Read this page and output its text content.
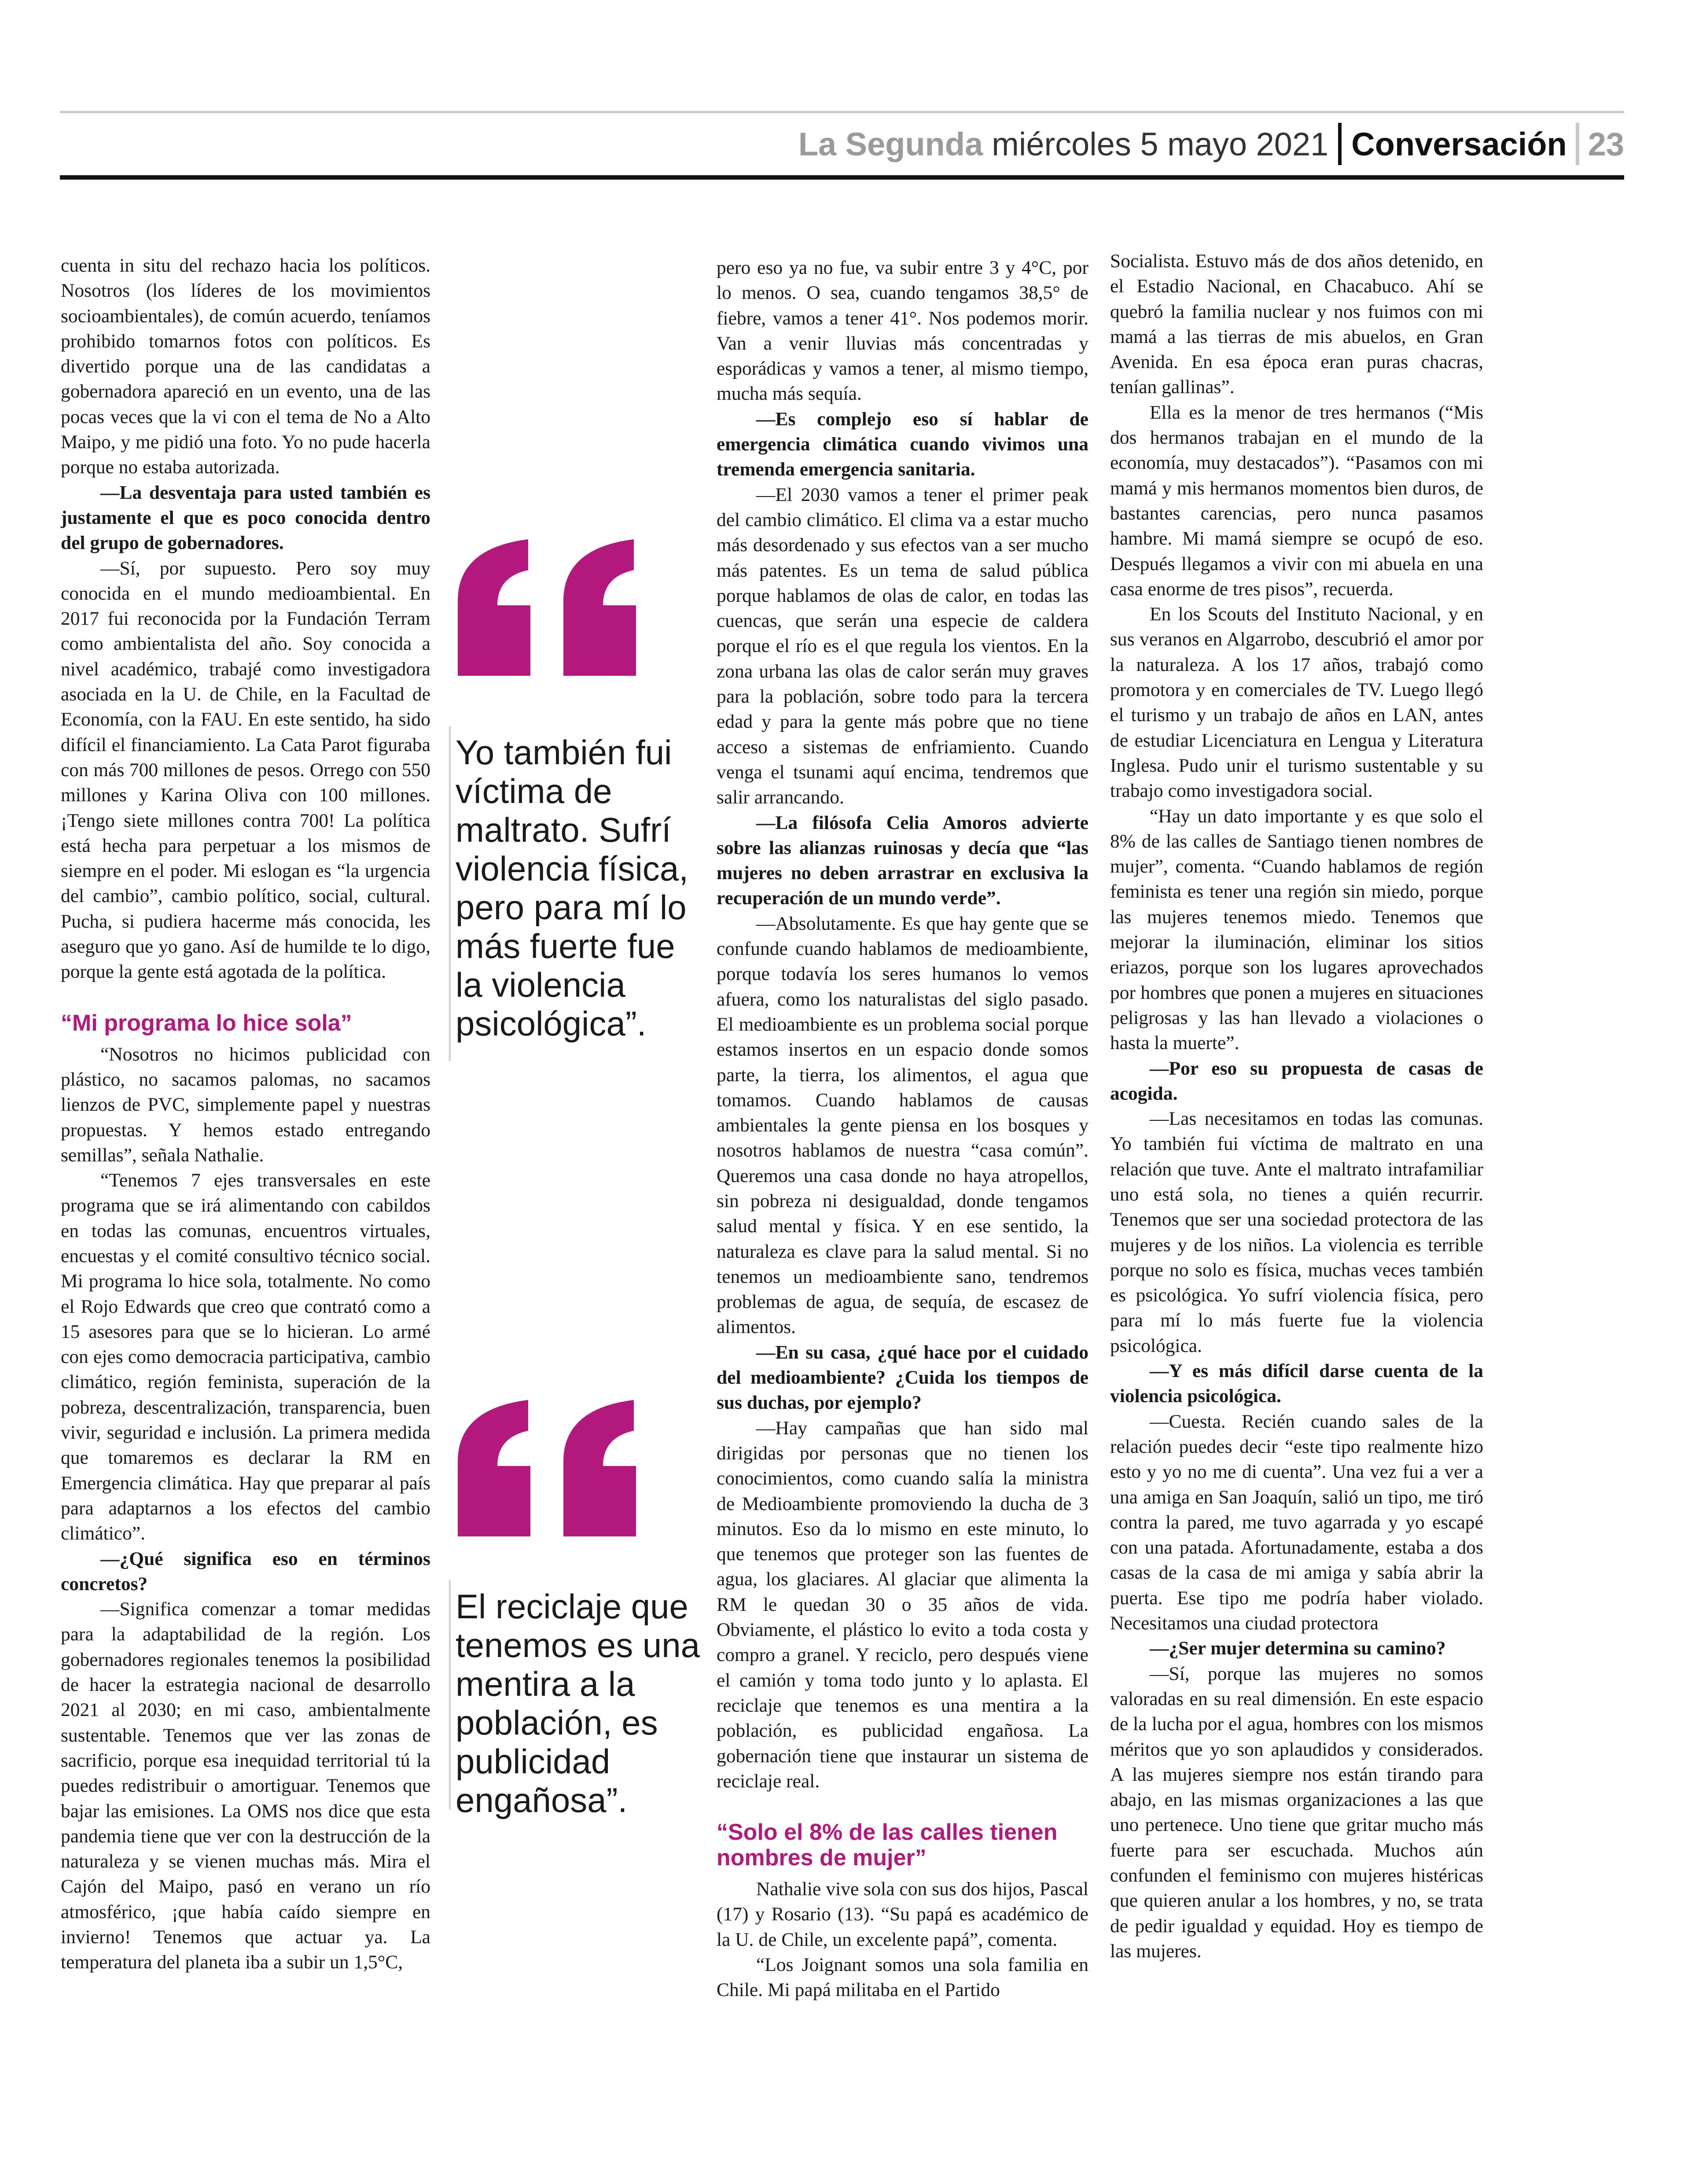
La Segunda miércoles 5 mayo 2021 Conversación 23

cuenta in situ del rechazo hacia los políticos. Nosotros (los líderes de los movimientos socioambientales), de común acuerdo, teníamos prohibido tomarnos fotos con políticos. Es divertido porque una de las candidatas a gobernadora apareció en un evento, una de las pocas veces que la vi con el tema de No a Alto Maipo, y me pidió una foto. Yo no pude hacerla porque no estaba autorizada.

—La desventaja para usted también es justamente el que es poco conocida dentro del grupo de gobernadores.

—Sí, por supuesto. Pero soy muy conocida en el mundo medioambiental. En 2017 fui reconocida por la Fundación Terram como ambientalista del año. Soy conocida a nivel académico, trabajé como investigadora asociada en la U. de Chile, en la Facultad de Economía, con la FAU. En este sentido, ha sido difícil el financiamiento. La Cata Parot figuraba con más 700 millones de pesos. Orrego con 550 millones y Karina Oliva con 100 millones. ¡Tengo siete millones contra 700! La política está hecha para perpetuar a los mismos de siempre en el poder. Mi eslogan es “la urgencia del cambio”, cambio político, social, cultural. Pucha, si pudiera hacerme más conocida, les aseguro que yo gano. Así de humilde te lo digo, porque la gente está agotada de la política.

“Mi programa lo hice sola”

“Nosotros no hicimos publicidad con plástico, no sacamos palomas, no sacamos lienzos de PVC, simplemente papel y nuestras propuestas. Y hemos estado entregando semillas”, señala Nathalie.

“Tenemos 7 ejes transversales en este programa que se irá alimentando con cabildos en todas las comunas, encuentros virtuales, encuestas y el comité consultivo técnico social. Mi programa lo hice sola, totalmente. No como el Rojo Edwards que creo que contrató como a 15 asesores para que se lo hicieran. Lo armé con ejes como democracia participativa, cambio climático, región feminista, superación de la pobreza, descentralización, transparencia, buen vivir, seguridad e inclusión. La primera medida que tomaremos es declarar la RM en Emergencia climática. Hay que preparar al país para adaptarnos a los efectos del cambio climático”.

—¿Qué significa eso en términos concretos?

—Significa comenzar a tomar medidas para la adaptabilidad de la región. Los gobernadores regionales tenemos la posibilidad de hacer la estrategia nacional de desarrollo 2021 al 2030; en mi caso, ambientalmente sustentable. Tenemos que ver las zonas de sacrificio, porque esa inequidad territorial tú la puedes redistribuir o amortiguar. Tenemos que bajar las emisiones. La OMS nos dice que esta pandemia tiene que ver con la destrucción de la naturaleza y se vienen muchas más. Mira el Cajón del Maipo, pasó en verano un río atmosférico, ¡que había caído siempre en invierno! Tenemos que actuar ya. La temperatura del planeta iba a subir un 1,5°C,

Yo también fui víctima de maltrato. Sufrí violencia física, pero para mí lo más fuerte fue la violencia psicológica”.
El reciclaje que tenemos es una mentira a la población, es publicidad engañosa”.

pero eso ya no fue, va subir entre 3 y 4°C, por lo menos. O sea, cuando tengamos 38,5° de fiebre, vamos a tener 41°. Nos podemos morir. Van a venir lluvias más concentradas y esporádicas y vamos a tener, al mismo tiempo, mucha más sequía.

—Es complejo eso sí hablar de emergencia climática cuando vivimos una tremenda emergencia sanitaria.

—El 2030 vamos a tener el primer peak del cambio climático. El clima va a estar mucho más desordenado y sus efectos van a ser mucho más patentes. Es un tema de salud pública porque hablamos de olas de calor, en todas las cuencas, que serán una especie de caldera porque el río es el que regula los vientos. En la zona urbana las olas de calor serán muy graves para la población, sobre todo para la tercera edad y para la gente más pobre que no tiene acceso a sistemas de enfriamiento. Cuando venga el tsunami aquí encima, tendremos que salir arrancando.

—La filósofa Celia Amoros advierte sobre las alianzas ruinosas y decía que “las mujeres no deben arrastrar en exclusiva la recuperación de un mundo verde”.

—Absolutamente. Es que hay gente que se confunde cuando hablamos de medioambiente, porque todavía los seres humanos lo vemos afuera, como los naturalistas del siglo pasado. El medioambiente es un problema social porque estamos insertos en un espacio donde somos parte, la tierra, los alimentos, el agua que tomamos. Cuando hablamos de causas ambientales la gente piensa en los bosques y nosotros hablamos de nuestra “casa común”. Queremos una casa donde no haya atropellos, sin pobreza ni desigualdad, donde tengamos salud mental y física. Y en ese sentido, la naturaleza es clave para la salud mental. Si no tenemos un medioambiente sano, tendremos problemas de agua, de sequía, de escasez de alimentos.

—En su casa, ¿qué hace por el cuidado del medioambiente? ¿Cuida los tiempos de sus duchas, por ejemplo?

—Hay campañas que han sido mal dirigidas por personas que no tienen los conocimientos, como cuando salía la ministra de Medioambiente promoviendo la ducha de 3 minutos. Eso da lo mismo en este minuto, lo que tenemos que proteger son las fuentes de agua, los glaciares. Al glaciar que alimenta la RM le quedan 30 o 35 años de vida. Obviamente, el plástico lo evito a toda costa y compro a granel. Y reciclo, pero después viene el camión y toma todo junto y lo aplasta. El reciclaje que tenemos es una mentira a la población, es publicidad engañosa. La gobernación tiene que instaurar un sistema de reciclaje real.

“Solo el 8% de las calles tienen nombres de mujer”

Nathalie vive sola con sus dos hijos, Pascal (17) y Rosario (13). “Su papá es académico de la U. de Chile, un excelente papá”, comenta.

“Los Joignant somos una sola familia en Chile. Mi papá militaba en el Partido

Socialista. Estuvo más de dos años detenido, en el Estadio Nacional, en Chacabuco. Ahí se quebró la familia nuclear y nos fuimos con mi mamá a las tierras de mis abuelos, en Gran Avenida. En esa época eran puras chacras, tenían gallinas”.

Ella es la menor de tres hermanos (“Mis dos hermanos trabajan en el mundo de la economía, muy destacados”). “Pasamos con mi mamá y mis hermanos momentos bien duros, de bastantes carencias, pero nunca pasamos hambre. Mi mamá siempre se ocupó de eso. Después llegamos a vivir con mi abuela en una casa enorme de tres pisos”, recuerda.

En los Scouts del Instituto Nacional, y en sus veranos en Algarrobo, descubrió el amor por la naturaleza. A los 17 años, trabajó como promotora y en comerciales de TV. Luego llegó el turismo y un trabajo de años en LAN, antes de estudiar Licenciatura en Lengua y Literatura Inglesa. Pudo unir el turismo sustentable y su trabajo como investigadora social.

“Hay un dato importante y es que solo el 8% de las calles de Santiago tienen nombres de mujer”, comenta. “Cuando hablamos de región feminista es tener una región sin miedo, porque las mujeres tenemos miedo. Tenemos que mejorar la iluminación, eliminar los sitios eriazos, porque son los lugares aprovechados por hombres que ponen a mujeres en situaciones peligrosas y las han llevado a violaciones o hasta la muerte”.

—Por eso su propuesta de casas de acogida.

—Las necesitamos en todas las comunas. Yo también fui víctima de maltrato en una relación que tuve. Ante el maltrato intrafamiliar uno está sola, no tienes a quién recurrir. Tenemos que ser una sociedad protectora de las mujeres y de los niños. La violencia es terrible porque no solo es física, muchas veces también es psicológica. Yo sufrí violencia física, pero para mí lo más fuerte fue la violencia psicológica.

—Y es más difícil darse cuenta de la violencia psicológica.

—Cuesta. Recién cuando sales de la relación puedes decir “este tipo realmente hizo esto y yo no me di cuenta”. Una vez fui a ver a una amiga en San Joaquín, salió un tipo, me tiró contra la pared, me tuvo agarrada y yo escapé con una patada. Afortunadamente, estaba a dos casas de la casa de mi amiga y sabía abrir la puerta. Ese tipo me podría haber violado. Necesitamos una ciudad protectora

—¿Ser mujer determina su camino?

—Sí, porque las mujeres no somos valoradas en su real dimensión. En este espacio de la lucha por el agua, hombres con los mismos méritos que yo son aplaudidos y considerados. A las mujeres siempre nos están tirando para abajo, en las mismas organizaciones a las que uno pertenece. Uno tiene que gritar mucho más fuerte para ser escuchada. Muchos aún confunden el feminismo con mujeres histéricas que quieren anular a los hombres, y no, se trata de pedir igualdad y equidad. Hoy es tiempo de las mujeres.
